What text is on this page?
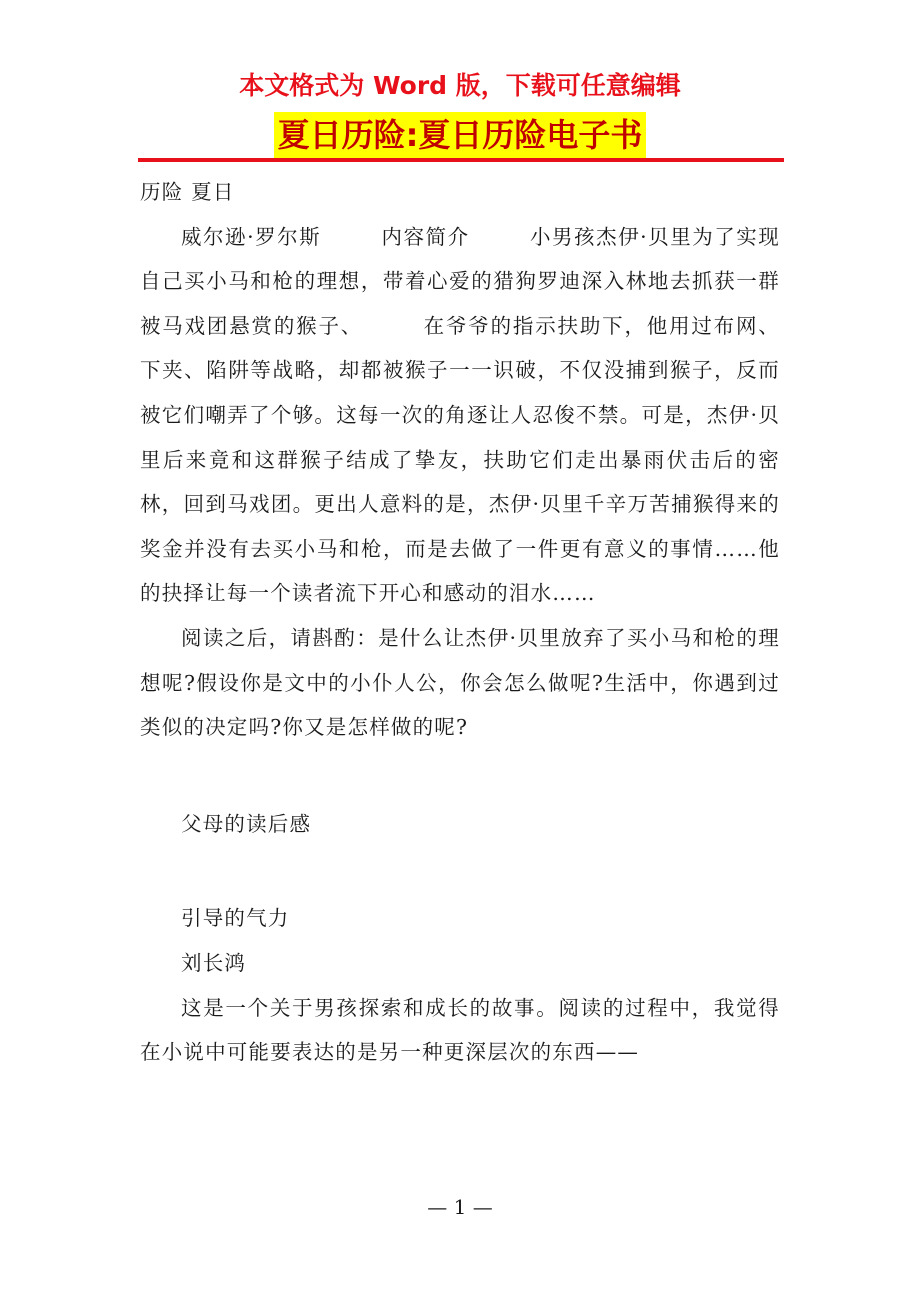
本文格式为 Word 版，下载可任意编辑
夏日历险:夏日历险电子书

历险 夏日

威尔逊·罗尔斯	内容简介	小男孩杰伊·贝里为了实现自己买小马和枪的理想，带着心爱的猎狗罗迪深入林地去抓获一群被马戏团悬赏的猴子、	在爷爷的指示扶助下，他用过布网、下夹、陷阱等战略，却都被猴子一一识破，不仅没捕到猴子，反而被它们嘲弄了个够。这每一次的角逐让人忍俊不禁。可是，杰伊·贝里后来竟和这群猴子结成了挚友，扶助它们走出暴雨伏击后的密林，回到马戏团。更出人意料的是，杰伊·贝里千辛万苦捕猴得来的奖金并没有去买小马和枪，而是去做了一件更有意义的事情……他的抉择让每一个读者流下开心和感动的泪水……

阅读之后，请斟酌：是什么让杰伊·贝里放弃了买小马和枪的理想呢?假设你是文中的小仆人公，你会怎么做呢?生活中，你遇到过类似的决定吗?你又是怎样做的呢?

父母的读后感

引导的气力

刘长鸿

这是一个关于男孩探索和成长的故事。阅读的过程中，我觉得在小说中可能要表达的是另一种更深层次的东西——

— 1 —
